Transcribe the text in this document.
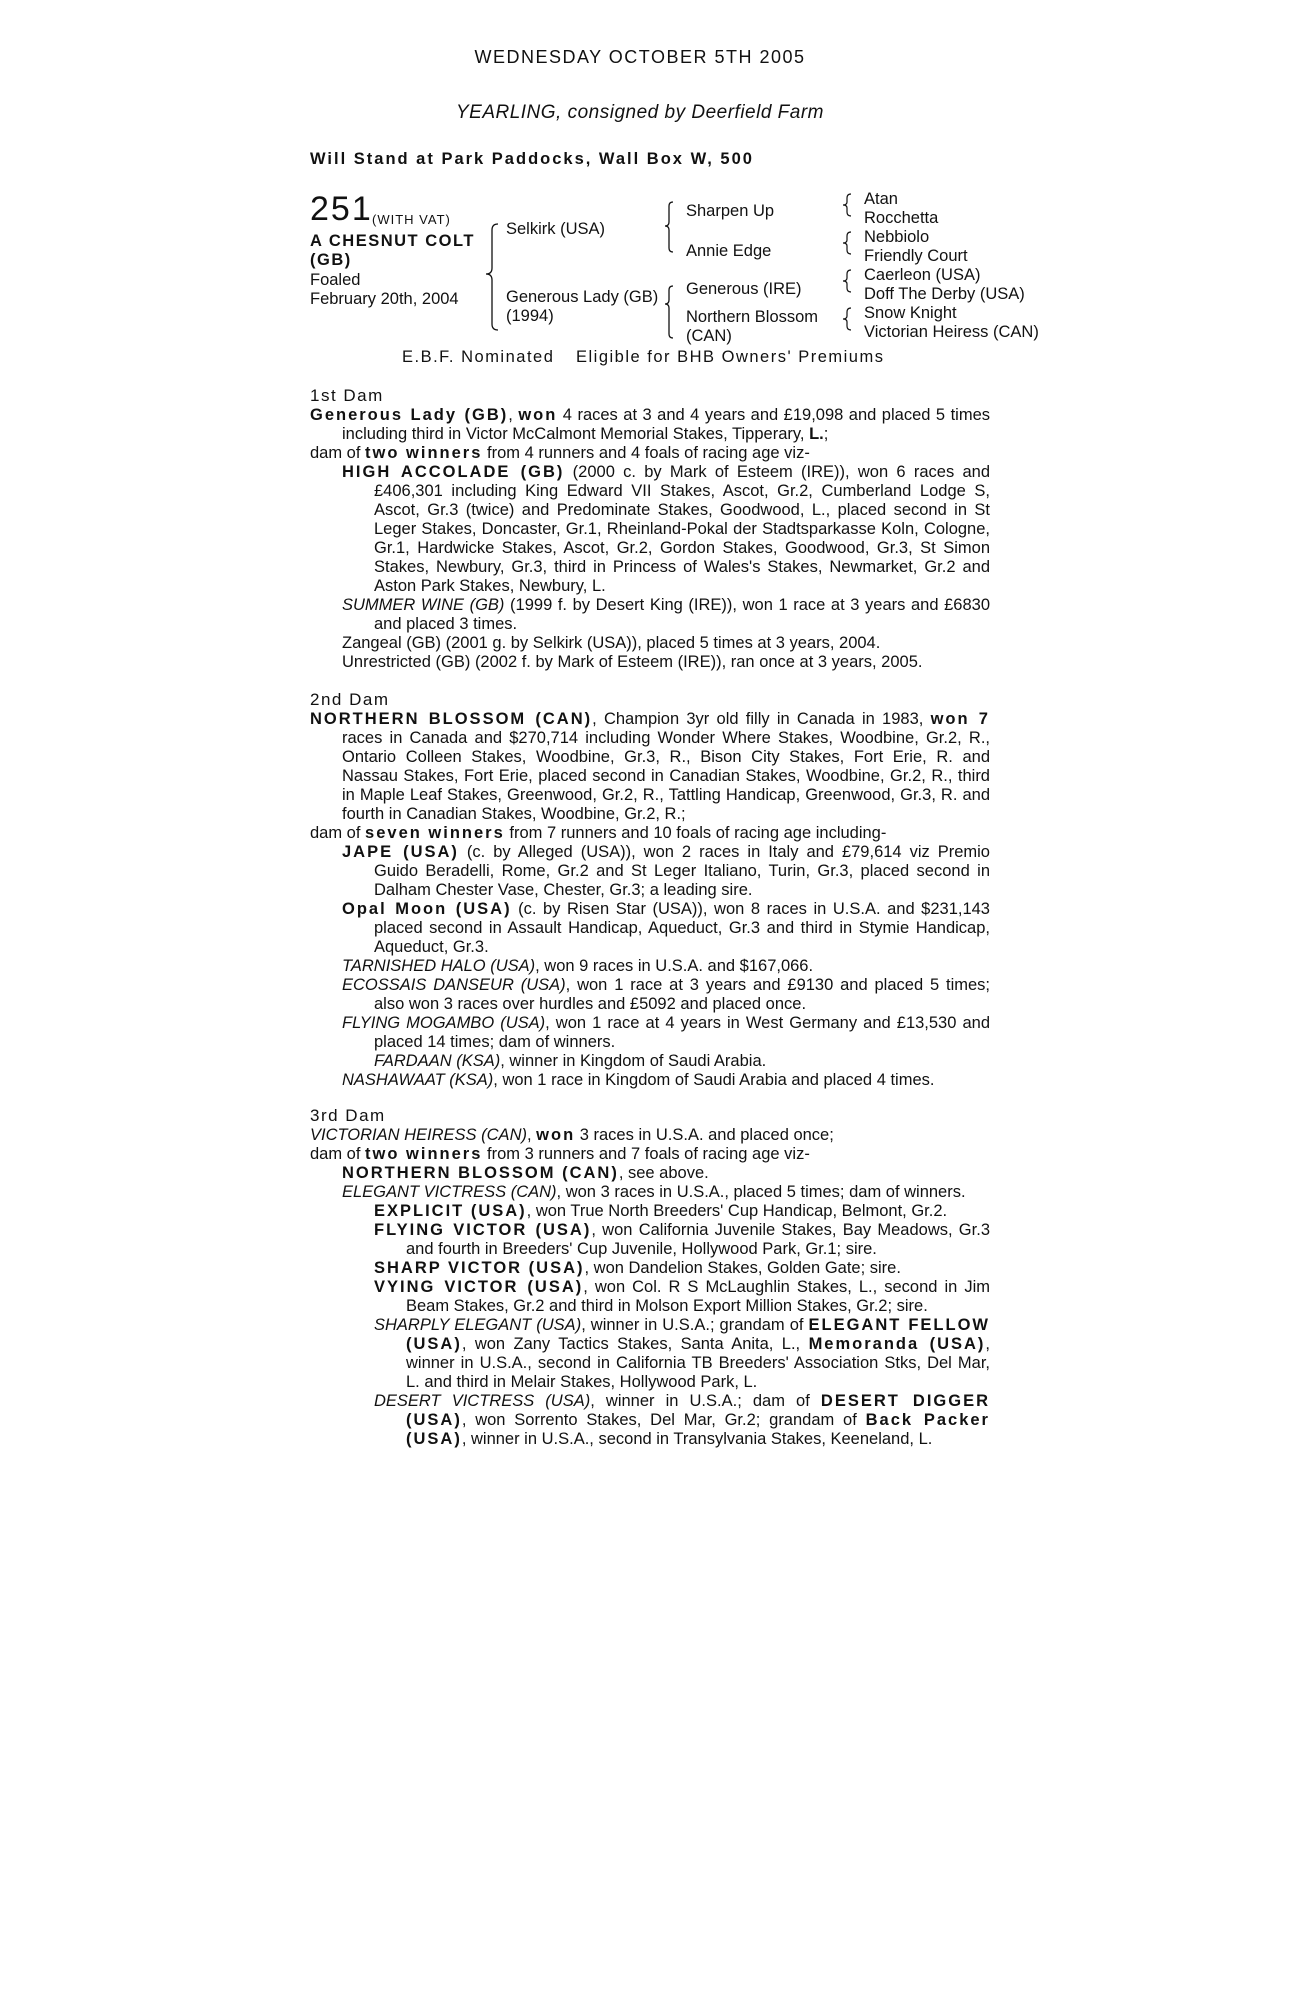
WEDNESDAY OCTOBER 5TH 2005
YEARLING, consigned by Deerfield Farm
Will Stand at Park Paddocks, Wall Box W, 500
251 (WITH VAT)
A CHESNUT COLT (GB)
Foaled
February 20th, 2004
Selkirk (USA)
Generous Lady (GB)
(1994)
Sharpen Up
Annie Edge
Generous (IRE)
Northern Blossom
(CAN)
Atan
Rocchetta
Nebbiolo
Friendly Court
Caerleon (USA)
Doff The Derby (USA)
Snow Knight
Victorian Heiress (CAN)
E.B.F. Nominated Eligible for BHB Owners' Premiums
1st Dam

Generous Lady (GB), won 4 races at 3 and 4 years and £19,098 and placed 5 times including third in Victor McCalmont Memorial Stakes, Tipperary, L.;

dam of two winners from 4 runners and 4 foals of racing age viz-

HIGH ACCOLADE (GB) (2000 c. by Mark of Esteem (IRE)), won 6 races and £406,301 including King Edward VII Stakes, Ascot, Gr.2, Cumberland Lodge S, Ascot, Gr.3 (twice) and Predominate Stakes, Goodwood, L., placed second in St Leger Stakes, Doncaster, Gr.1, Rheinland-Pokal der Stadtsparkasse Koln, Cologne, Gr.1, Hardwicke Stakes, Ascot, Gr.2, Gordon Stakes, Goodwood, Gr.3, St Simon Stakes, Newbury, Gr.3, third in Princess of Wales's Stakes, Newmarket, Gr.2 and Aston Park Stakes, Newbury, L.

SUMMER WINE (GB) (1999 f. by Desert King (IRE)), won 1 race at 3 years and £6830 and placed 3 times.

Zangeal (GB) (2001 g. by Selkirk (USA)), placed 5 times at 3 years, 2004.

Unrestricted (GB) (2002 f. by Mark of Esteem (IRE)), ran once at 3 years, 2005.

2nd Dam

NORTHERN BLOSSOM (CAN), Champion 3yr old filly in Canada in 1983, won 7 races in Canada and $270,714 including Wonder Where Stakes, Woodbine, Gr.2, R., Ontario Colleen Stakes, Woodbine, Gr.3, R., Bison City Stakes, Fort Erie, R. and Nassau Stakes, Fort Erie, placed second in Canadian Stakes, Woodbine, Gr.2, R., third in Maple Leaf Stakes, Greenwood, Gr.2, R., Tattling Handicap, Greenwood, Gr.3, R. and fourth in Canadian Stakes, Woodbine, Gr.2, R.;

dam of seven winners from 7 runners and 10 foals of racing age including-

JAPE (USA) (c. by Alleged (USA)), won 2 races in Italy and £79,614 viz Premio Guido Beradelli, Rome, Gr.2 and St Leger Italiano, Turin, Gr.3, placed second in Dalham Chester Vase, Chester, Gr.3; a leading sire.

Opal Moon (USA) (c. by Risen Star (USA)), won 8 races in U.S.A. and $231,143 placed second in Assault Handicap, Aqueduct, Gr.3 and third in Stymie Handicap, Aqueduct, Gr.3.

TARNISHED HALO (USA), won 9 races in U.S.A. and $167,066.

ECOSSAIS DANSEUR (USA), won 1 race at 3 years and £9130 and placed 5 times; also won 3 races over hurdles and £5092 and placed once.

FLYING MOGAMBO (USA), won 1 race at 4 years in West Germany and £13,530 and placed 14 times; dam of winners.

FARDAAN (KSA), winner in Kingdom of Saudi Arabia.

NASHAWAAT (KSA), won 1 race in Kingdom of Saudi Arabia and placed 4 times.

3rd Dam

VICTORIAN HEIRESS (CAN), won 3 races in U.S.A. and placed once;

dam of two winners from 3 runners and 7 foals of racing age viz-

NORTHERN BLOSSOM (CAN), see above.

ELEGANT VICTRESS (CAN), won 3 races in U.S.A., placed 5 times; dam of winners.

EXPLICIT (USA), won True North Breeders' Cup Handicap, Belmont, Gr.2.

FLYING VICTOR (USA), won California Juvenile Stakes, Bay Meadows, Gr.3 and fourth in Breeders' Cup Juvenile, Hollywood Park, Gr.1; sire.

SHARP VICTOR (USA), won Dandelion Stakes, Golden Gate; sire.

VYING VICTOR (USA), won Col. R S McLaughlin Stakes, L., second in Jim Beam Stakes, Gr.2 and third in Molson Export Million Stakes, Gr.2; sire.

SHARPLY ELEGANT (USA), winner in U.S.A.; grandam of ELEGANT FELLOW (USA), won Zany Tactics Stakes, Santa Anita, L., Memoranda (USA), winner in U.S.A., second in California TB Breeders' Association Stks, Del Mar, L. and third in Melair Stakes, Hollywood Park, L.

DESERT VICTRESS (USA), winner in U.S.A.; dam of DESERT DIGGER (USA), won Sorrento Stakes, Del Mar, Gr.2; grandam of Back Packer (USA), winner in U.S.A., second in Transylvania Stakes, Keeneland, L.
